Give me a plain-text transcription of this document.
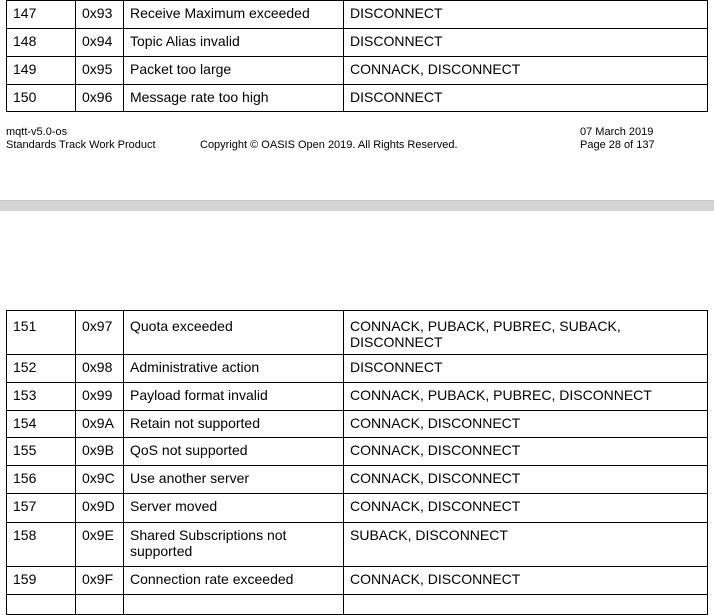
147	0x93	Receive Maximum exceeded	DISCONNECT
148	0x94	Topic Alias invalid	DISCONNECT
149	0x95	Packet too large	CONNACK, DISCONNECT
150	0x96	Message rate too high	DISCONNECT
mqtt-v5.0-os
Standards Track Work Product	Copyright © OASIS Open 2019. All Rights Reserved.
07 March 2019
Page 28 of 137
151	0x97	Quota exceeded	CONNACK, PUBACK, PUBREC, SUBACK, DISCONNECT
152	0x98	Administrative action	DISCONNECT
153	0x99	Payload format invalid	CONNACK, PUBACK, PUBREC, DISCONNECT
154	0x9A	Retain not supported	CONNACK, DISCONNECT
155	0x9B	QoS not supported	CONNACK, DISCONNECT
156	0x9C	Use another server	CONNACK, DISCONNECT
157	0x9D	Server moved	CONNACK, DISCONNECT
158	0x9E	Shared Subscriptions not supported	SUBACK, DISCONNECT
159	0x9F	Connection rate exceeded	CONNACK, DISCONNECT
